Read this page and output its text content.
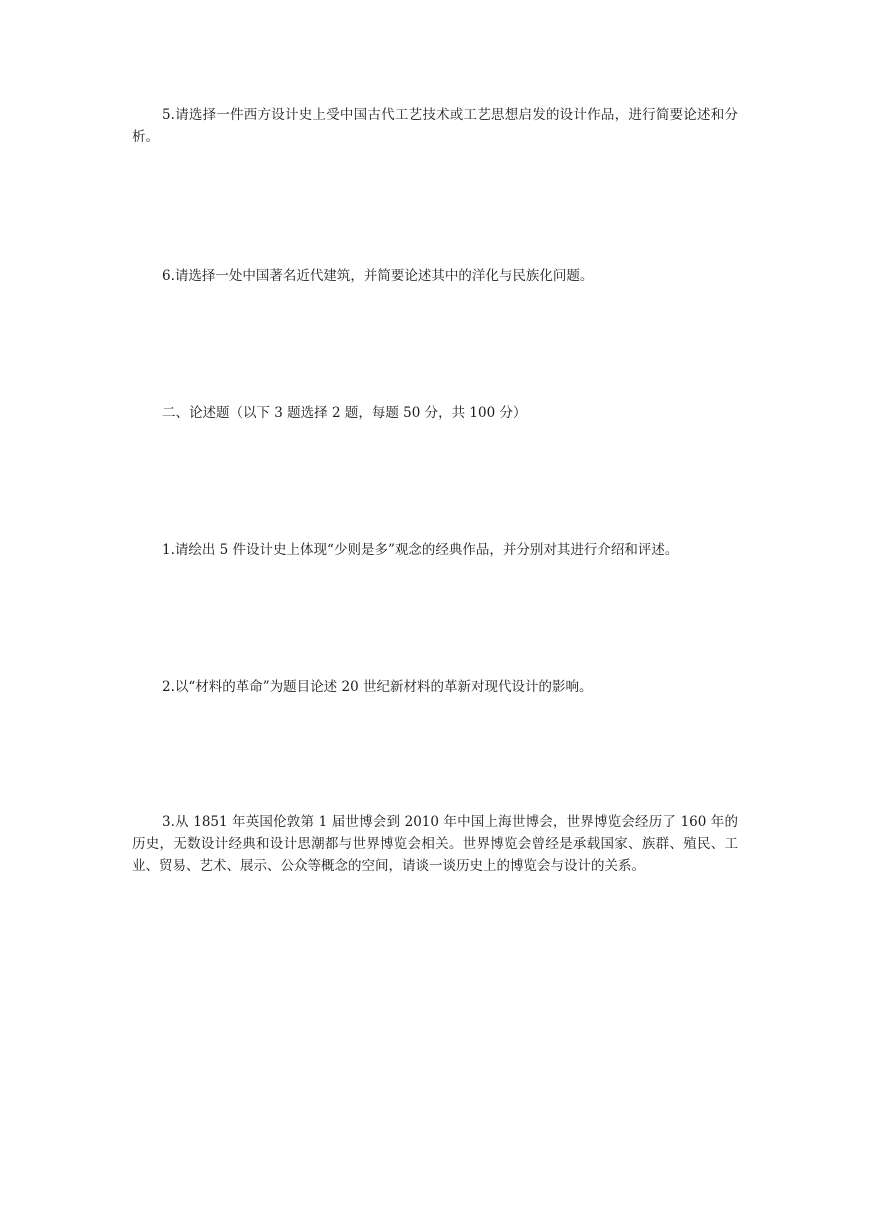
5.请选择一件西方设计史上受中国古代工艺技术或工艺思想启发的设计作品，进行简要论述和分析。

6.请选择一处中国著名近代建筑，并简要论述其中的洋化与民族化问题。

二、论述题（以下 3 题选择 2 题，每题 50 分，共 100 分）

1.请绘出 5 件设计史上体现“少则是多”观念的经典作品，并分别对其进行介绍和评述。

2.以“材料的革命”为题目论述 20 世纪新材料的革新对现代设计的影响。

3.从 1851 年英国伦敦第 1 届世博会到 2010 年中国上海世博会，世界博览会经历了 160 年的历史，无数设计经典和设计思潮都与世界博览会相关。世界博览会曾经是承载国家、族群、殖民、工业、贸易、艺术、展示、公众等概念的空间，请谈一谈历史上的博览会与设计的关系。
